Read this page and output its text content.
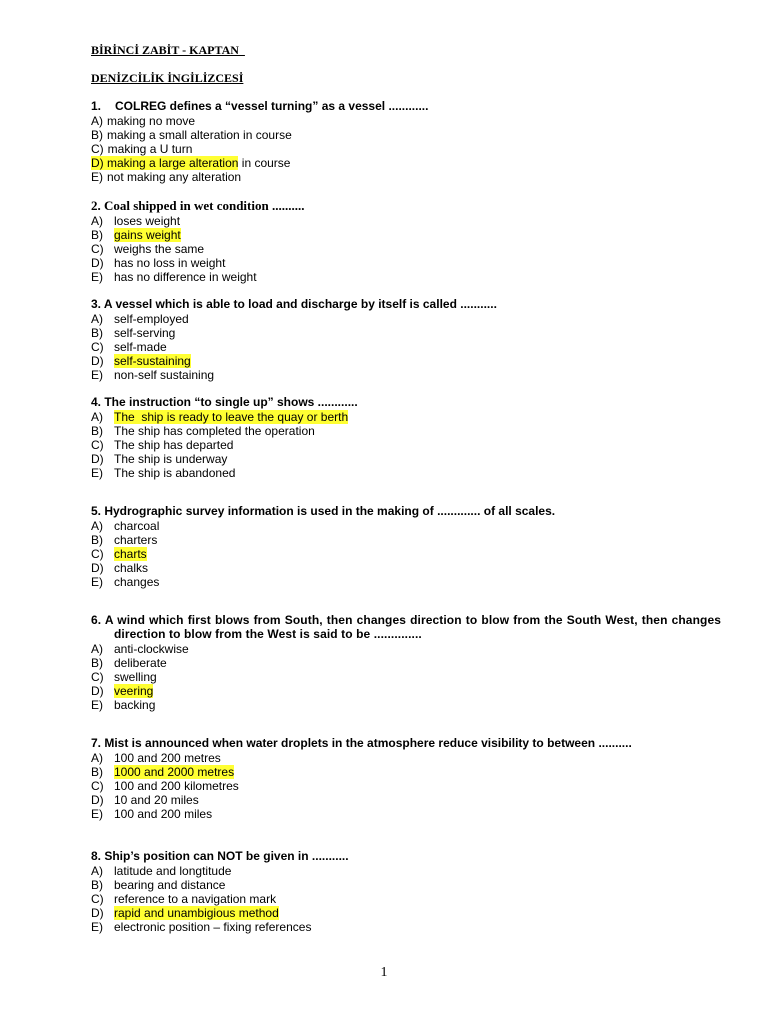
BİRİNCİ ZABİT - KAPTAN
DENİZCİLİK İNGİLİZCESİ
1.	COLREG defines a “vessel turning” as a vessel ............
A) making no move
B) making a small alteration in course
C) making a U turn
D) making a large alteration in course
E) not making any alteration
2. Coal shipped in wet condition ..........
A) loses weight
B) gains weight
C) weighs the same
D) has no loss in weight
E) has no difference in weight
3. A vessel which is able to load and discharge by itself is called ...........
A) self-employed
B) self-serving
C) self-made
D) self-sustaining
E) non-self sustaining
4. The instruction “to single up” shows ............
A) The  ship is ready to leave the quay or berth
B) The ship has completed the operation
C) The ship has departed
D) The ship is underway
E) The ship is abandoned
5. Hydrographic survey information is used in the making of ............. of all scales.
A) charcoal
B) charters
C) charts
D) chalks
E) changes
6. A wind which first blows from South, then changes direction to blow from the South West, then changes direction to blow from the West is said to be ..............
A) anti-clockwise
B) deliberate
C) swelling
D) veering
E) backing
7. Mist is announced when water droplets in the atmosphere reduce visibility to between ..........
A) 100 and 200 metres
B) 1000 and 2000 metres
C) 100 and 200 kilometres
D) 10 and 20 miles
E) 100 and 200 miles
8. Ship’s position can NOT be given in ...........
A) latitude and longtitude
B) bearing and distance
C) reference to a navigation mark
D) rapid and unambigious method
E) electronic position – fixing references
1
